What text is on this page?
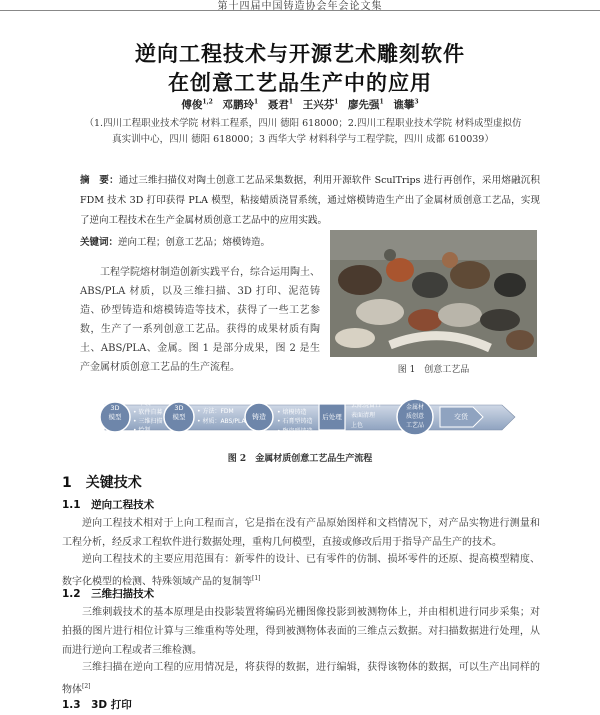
第十四届中国铸造协会年会论文集
逆向工程技术与开源艺术雕刻软件
在创意工艺品生产中的应用
傅俊$^{1,2}$ 邓鹏玲$^1$ 聂君$^1$ 王兴芬$^1$ 廖先强$^1$ 谯攀$^3$
（1.四川工程职业技术学院 材料工程系，四川 德阳 618000；2.四川工程职业技术学院 材料成型虚拟仿
真实训中心，四川 德阳 618000；3 西华大学 材料科学与工程学院，四川 成都 610039）
摘　要：通过三维扫描仪对陶土创意工艺品采集数据，利用开源软件 SculTrips 进行再创作，采用熔融沉积 FDM 技术 3D 打印获得 PLA 模型，粘接蜡质浇冒系统，通过熔模铸造生产出了金属材质创意工艺品，实现了逆向工程技术在生产金属材质创意工艺品中的应用实践。
关键词：逆向工程；创意工艺品；熔模铸造。
工程学院熔材制造创新实践平台，综合运用陶土、ABS/PLA 材质，以及三维扫描、3D 打印、泥范铸造、砂型铸造和熔模铸造等技术，获得了一些工艺参数，生产了一系列创意工艺品。获得的成果材质有陶土、ABS/PLA、金属。图 1 是部分成果，图 2 是生产金属材质创意工艺品的生产流程。	图 1　创意工艺品
3D
模型
• 下载
• 软件自募
• 三维扫描
• 绘制
3D
模型
• 方法：FDM
• 材质：ABS/PLA
铸造
• 砂型铸造
• 熔模铸造
• 石膏型铸造
• 陶瓷型铸造
后处理
去除浇冒口
表面清理
上色
金属材
质创意
工艺品
交货
图 2　金属材质创意工艺品生产流程
1　关键技术
1.1　逆向工程技术
逆向工程技术相对于上向工程而言，它是指在没有产品原始图样和文档情况下，对产品实物进行测量和工程分析，经反求工程软件进行数据处理，重构几何模型，直接或修改后用于指导产品生产的技术。
逆向工程技术的主要应用范围有：新零件的设计、已有零件的仿制、损坏零件的还原、提高模型精度、数字化模型的检测、特殊领域产品的复制等[1]
1.2　三维扫描技术
三维刺载技术的基本原理是由投影装置将编码光栅图像投影到被测物体上，并由相机进行同步采集；对拍摄的图片进行相位计算与三维重构等处理，得到被测物体表面的三维点云数据。对扫描数据进行处理，从而进行逆向工程或者三维检测。
三维扫描在逆向工程的应用情况是，将获得的数据，进行编辑，获得该物体的数据，可以生产出同样的物体[2]
1.3　3D 打印
